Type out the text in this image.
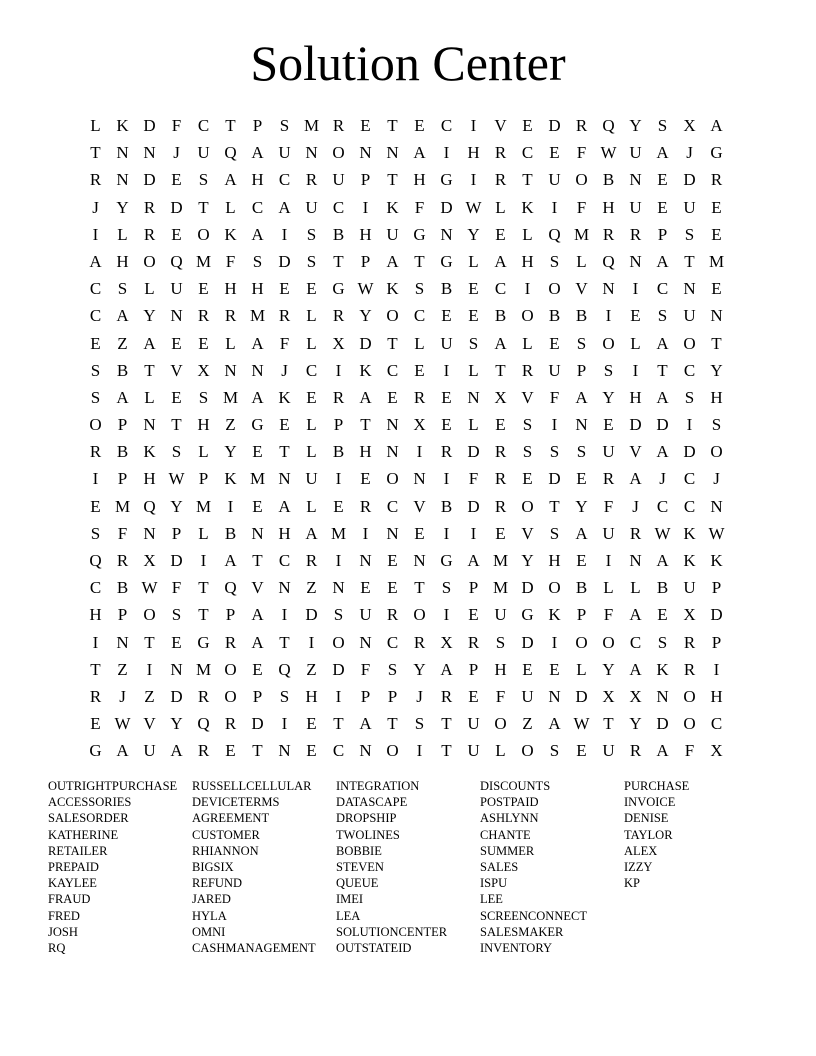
Solution Center
L K D F C T	P	S M R E T E C	I	V E D R Q Y S X A
T N N	J	U Q A U N O N N A	I	H R C E	F W U A	J	G
R N D E	S A H C R U P	T H G	I	R T U O B N E D R
J	Y R D T L C A U C	I	K F D W L K	I	F H U E U E
I	L R E O K A	I	S B H U G N Y E L Q M R R P	S	E
A H O Q M F	S D S	T	P A T G L A H S	L Q N A T M
C S	L U E H H E E G W K S B E C	I	O V N	I	C N E
C A Y N R R M R L R Y O C E E B O B B	I	E	S U N
E Z A E E L A F	L X D T L U S A L E	S O L A O T
S B T V X N N	J	C	I	K C E	I	L T R U P	S	I	T C Y
S A L E	S M A K E R A E R E N X V F A Y H A S H
O P N T H Z G E L	P	T N X E L E	S	I	N E D D	I	S
R B K S	L Y E T L B H N	I	R D R S	S	S U V A D O
I	P H W P K M N U	I	E O N	I	F R E D E R A	J	C	J
E M Q Y M I	E A L E R C V B D R O T Y F	J	C C N
S	F N P	L B N H A M I	N E	I	I	E V S A U R W K W
Q R X D	I	A T C R	I	N E N G A M Y H E	I	N A K K
C B W F	T Q V N Z N E E T	S	P M D O B L L B U P
H P O S	T	P A	I	D S U R O	I	E U G K P	F A E X D
I	N T E G R A T	I	O N C R X R S D	I	O O C S R P
T Z	I	N M O E Q Z D F	S Y A P H E E L Y A K R	I
R	J	Z D R O P	S H	I	P	P	J	R E	F U N D X X N O H
E W V Y Q R D	I	E T A T	S	T U O Z A W T Y D O C
G A U A R E T N E C N O	I	T U L O S	E U R A F X
OUTRIGHTPURCHASE
ACCESSORIES
SALESORDER
KATHERINE
RETAILER
PREPAID
KAYLEE
FRAUD
FRED
JOSH
RQ
RUSSELLCELLULAR
DEVICETERMS
AGREEMENT
CUSTOMER
RHIANNON
BIGSIX
REFUND
JARED
HYLA
OMNI
CASHMANAGEMENT
INTEGRATION
DATASCAPE
DROPSHIP
TWOLINES
BOBBIE
STEVEN
QUEUE
IMEI
LEA
SOLUTIONCENTER
OUTSTATEID
DISCOUNTS
POSTPAID
ASHLYNN
CHANTE
SUMMER
SALES
ISPU
LEE
SCREENCONNECT
SALESMAKER
INVENTORY
PURCHASE
INVOICE
DENISE
TAYLOR
ALEX
IZZY
KP
